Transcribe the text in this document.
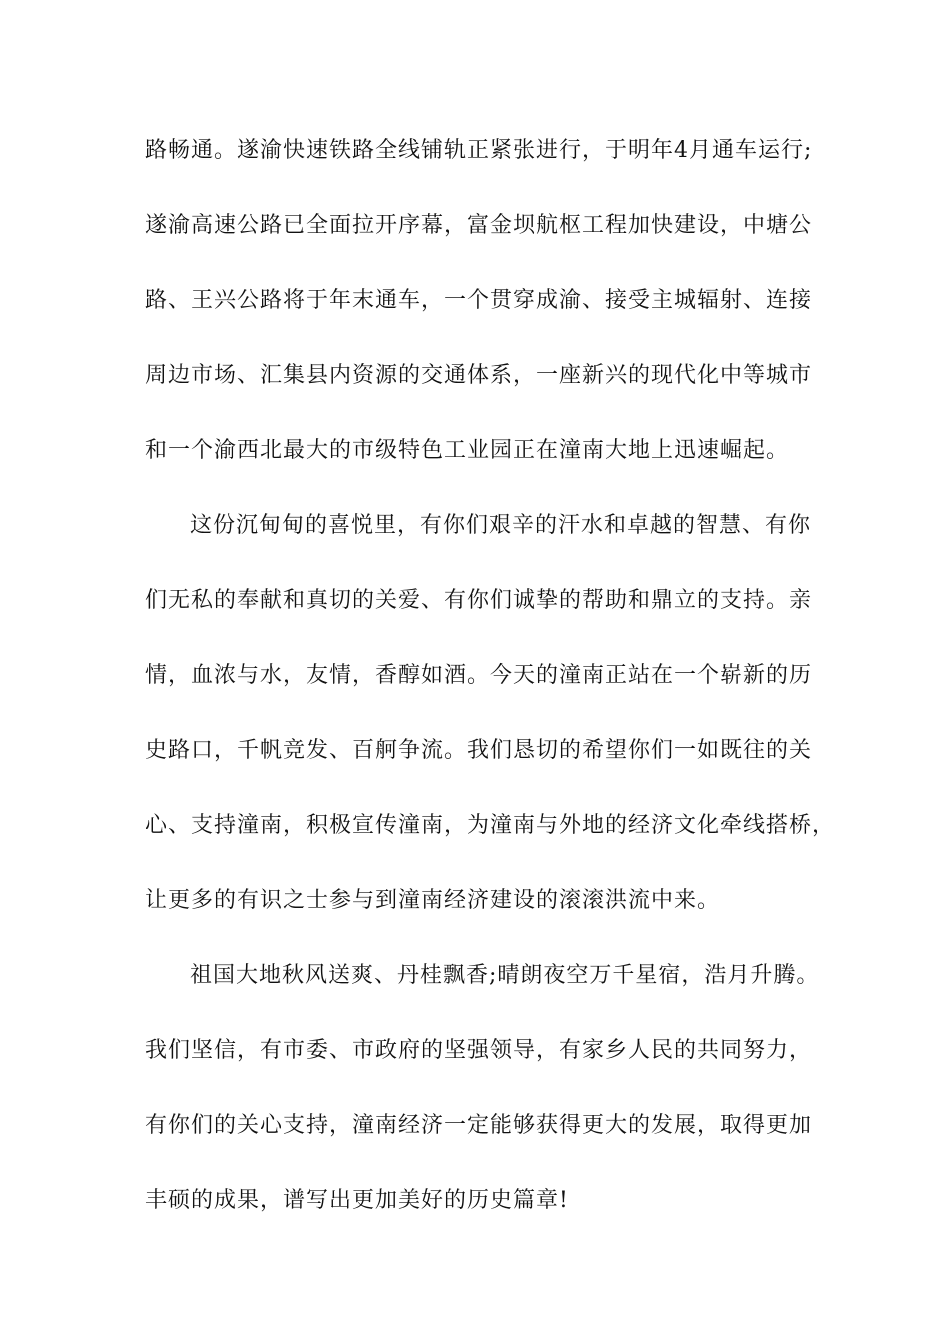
路畅通。遂渝快速铁路全线铺轨正紧张进行，于明年4月通车运行;
遂渝高速公路已全面拉开序幕，富金坝航枢工程加快建设，中塘公
路、王兴公路将于年末通车，一个贯穿成渝、接受主城辐射、连接
周边市场、汇集县内资源的交通体系，一座新兴的现代化中等城市
和一个渝西北最大的市级特色工业园正在潼南大地上迅速崛起。
这份沉甸甸的喜悦里，有你们艰辛的汗水和卓越的智慧、有你
们无私的奉献和真切的关爱、有你们诚挚的帮助和鼎立的支持。亲
情，血浓与水，友情，香醇如酒。今天的潼南正站在一个崭新的历
史路口，千帆竞发、百舸争流。我们恳切的希望你们一如既往的关
心、支持潼南，积极宣传潼南，为潼南与外地的经济文化牵线搭桥，
让更多的有识之士参与到潼南经济建设的滚滚洪流中来。
祖国大地秋风送爽、丹桂飘香;晴朗夜空万千星宿，浩月升腾。
我们坚信，有市委、市政府的坚强领导，有家乡人民的共同努力，
有你们的关心支持，潼南经济一定能够获得更大的发展，取得更加
丰硕的成果，谱写出更加美好的历史篇章!
